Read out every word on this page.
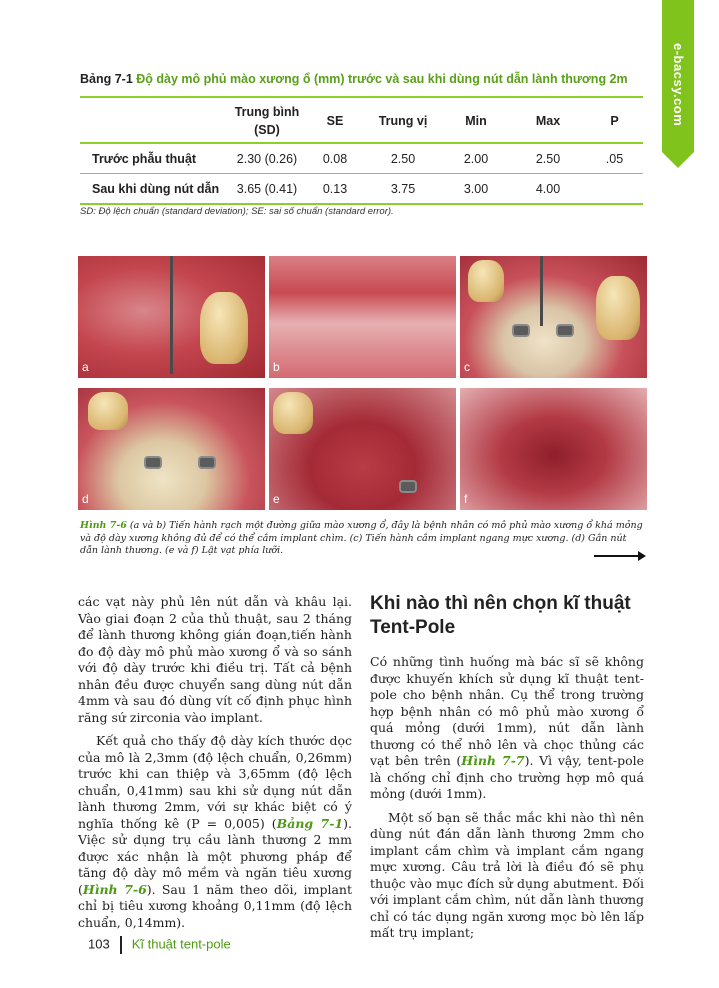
e-bacsy.com
Bảng 7-1 Độ dày mô phủ mào xương ổ (mm) trước và sau khi dùng nút dẫn lành thương 2m
	Trung bình (SD)	SE	Trung vị	Min	Max	P
Trước phẫu thuật	2.30 (0.26)	0.08	2.50	2.00	2.50	.05
Sau khi dùng nút dẫn	3.65 (0.41)	0.13	3.75	3.00	4.00	
SD: Độ lệch chuẩn (standard deviation); SE: sai số chuẩn (standard error).
a	b	c
d	e	f
Hình 7-6 (a và b) Tiến hành rạch một đường giữa mào xương ổ, đây là bệnh nhân có mô phủ mào xương ổ khá mỏng và độ dày xương không đủ để có thể cắm implant chìm. (c) Tiến hành cắm implant ngang mực xương. (d) Gắn nút dẫn lành thương. (e và f) Lật vạt phía lưỡi.

các vạt này phủ lên nút dẫn và khâu lại. Vào giai đoạn 2 của thủ thuật, sau 2 tháng để lành thương không gián đoạn,tiến hành đo độ dày mô phủ mào xương ổ và so sánh với độ dày trước khi điều trị. Tất cả bệnh nhân đều được chuyển sang dùng nút dẫn 4mm và sau đó dùng vít cố định phục hình răng sứ zirconia vào implant.

Kết quả cho thấy độ dày kích thước dọc của mô là 2,3mm (độ lệch chuẩn, 0,26mm) trước khi can thiệp và 3,65mm (độ lệch chuẩn, 0,41mm) sau khi sử dụng nút dẫn lành thương 2mm, với sự khác biệt có ý nghĩa thống kê (P = 0,005) (Bảng 7-1). Việc sử dụng trụ cầu lành thương 2 mm được xác nhận là một phương pháp để tăng độ dày mô mềm và ngăn tiêu xương (Hình 7-6). Sau 1 năm theo dõi, implant chỉ bị tiêu xương khoảng 0,11mm (độ lệch chuẩn, 0,14mm).

Khi nào thì nên chọn kĩ thuật Tent-Pole

Có những tình huống mà bác sĩ sẽ không được khuyến khích sử dụng kĩ thuật tent-pole cho bệnh nhân. Cụ thể trong trường hợp bệnh nhân có mô phủ mào xương ổ quá mỏng (dưới 1mm), nút dẫn lành thương có thể nhô lên và chọc thủng các vạt bên trên (Hình 7-7). Vì vậy, tent-pole là chống chỉ định cho trường hợp mô quá mỏng (dưới 1mm).

Một số bạn sẽ thắc mắc khi nào thì nên dùng nút đán dẫn lành thương 2mm cho implant cắm chìm và implant cắm ngang mực xương. Câu trả lời là điều đó sẽ phụ thuộc vào mục đích sử dụng abutment. Đối với implant cắm chìm, nút dẫn lành thương chỉ có tác dụng ngăn xương mọc bò lên lấp mất trụ implant;

103 Kĩ thuật tent-pole
